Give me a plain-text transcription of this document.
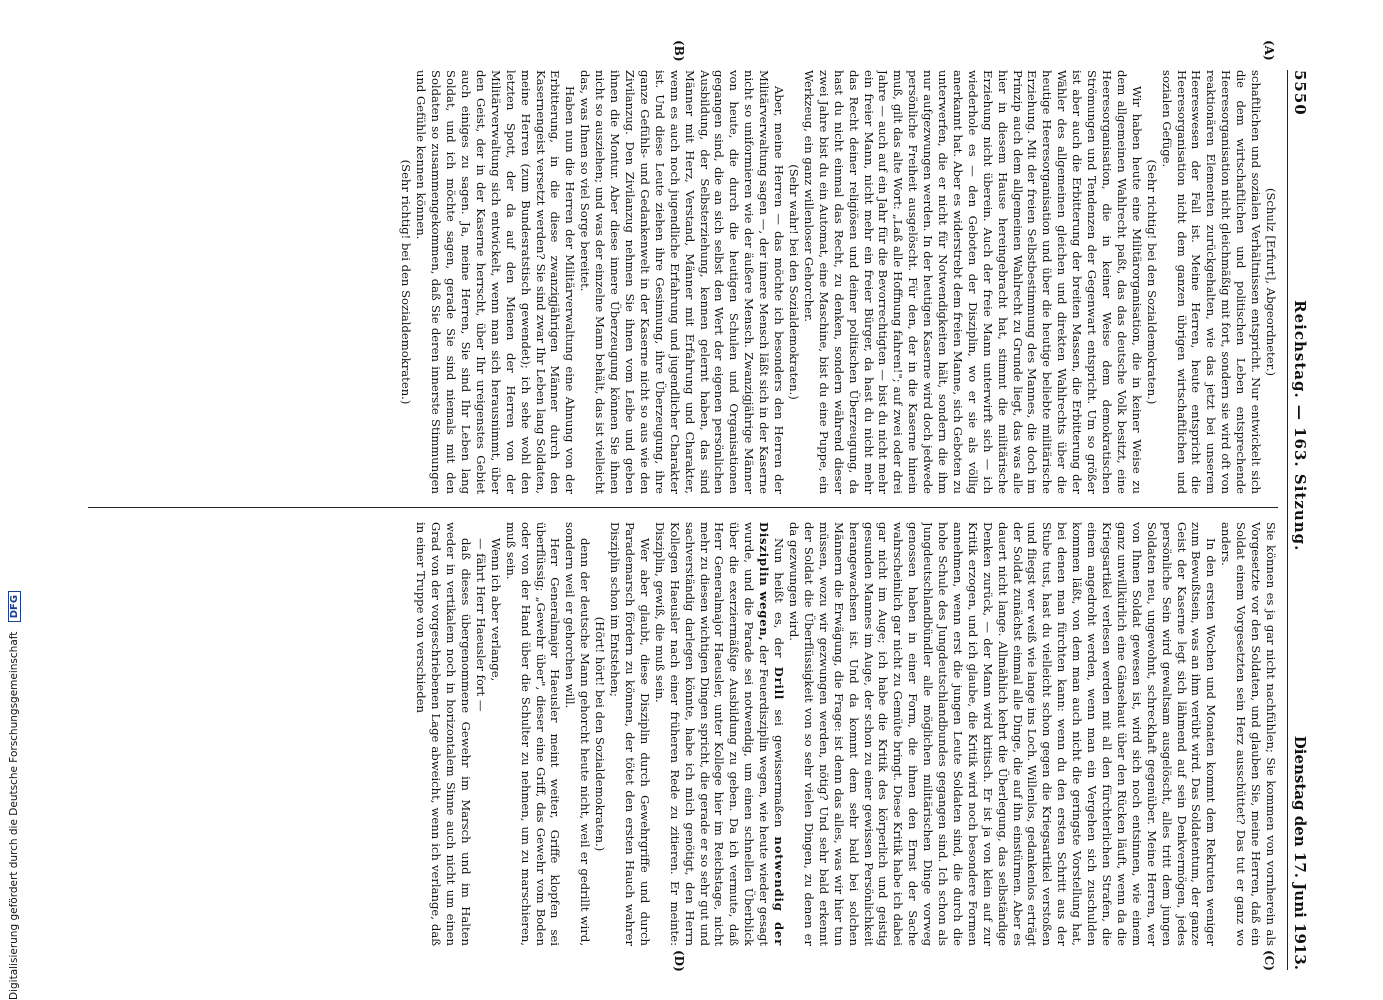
5550
Reichstag. — 163. Sitzung.
Dienstag den 17. Juni 1913.

(Schulz [Erfurt], Abgeordneter.)

schaftlichen und sozialen Verhältnissen entspricht. Nur entwickelt sich die dem wirtschaftlichen und politischen Leben entsprechende Heeresorganisation nicht gleichmäßig mit fort, sondern sie wird oft von reaktionären Elementen zurückgehalten, wie das jetzt bei unserem Heereswesen der Fall ist. Meine Herren, heute entspricht die Heeresorganisation nicht dem ganzen übrigen wirtschaftlichen und sozialen Gefüge.

(Sehr richtig! bei den Sozialdemokraten.)

Wir haben heute eine Militärorganisation, die in keiner Weise zu dem allgemeinen Wahlrecht paßt, das das deutsche Volk besitzt, eine Heeresorganisation, die in keiner Weise dem demokratischen Strömungen und Tendenzen der Gegenwart entspricht. Um so größer ist aber auch die Erbitterung der breiten Massen, die Erbitterung der Wähler des allgemeinen gleichen und direkten Wahlrechts über die heutige Heeresorganisation und über die heutige beliebte militärische Erziehung. Mit der freien Selbstbestimmung des Mannes, die doch im Prinzip auch dem allgemeinen Wahlrecht zu Grunde liegt, das was alle hier in diesem Hause hereingebracht hat, stimmt die militärische Erziehung nicht überein. Auch der freie Mann unterwirft sich — ich wiederhole es — den Geboten der Disziplin, wo er sie als völlig anerkannt hat. Aber es widerstrebt dem freien Manne, sich Geboten zu unterwerfen, die er nicht für Notwendigkeiten hält, sondern die ihm nur aufgezwungen werden. In der heutigen Kaserne wird doch jedwede persönliche Freiheit ausgelöscht. Für den, der in die Kaserne hinein muß, gilt das alte Wort: „Laß alle Hoffnung fahren!"; auf zwei oder drei Jahre — auch auf ein Jahr für die Bevorrechtigten — bist du nicht mehr ein freier Mann, nicht mehr ein freier Bürger, da hast du nicht mehr das Recht deiner religiösen und deiner politischen Überzeugung, da hast du nicht einmal das Recht, zu denken, sondern während dieser zwei Jahre bist du ein Automat, eine Maschine, bist du eine Puppe, ein Werkzeug, ein ganz willenloser Gehorcher.

(Sehr wahr! bei den Sozialdemokraten.)

Aber, meine Herren — das möchte ich besonders den Herren der Militärverwaltung sagen —, der innere Mensch läßt sich in der Kaserne nicht so uniformieren wie der äußere Mensch. Zwanzigjährige Männer von heute, die durch die heutigen Schulen und Organisationen gegangen sind, die an sich selbst den Wert der eigenen persönlichen Ausbildung, der Selbsterziehung, kennen gelernt haben, das sind Männer mit Herz, Verstand, Männer mit Erfahrung und Charakter, wenn es auch noch jugendliche Erfahrung und jugendlicher Charakter ist. Und diese Leute ziehen ihre Gesinnung, ihre Überzeugung, ihre ganze Gefühls- und Gedankenwelt in der Kaserne nicht so aus wie den Zivilanzug. Den Zivilanzug nehmen Sie ihnen vom Leibe und geben ihnen die Montur. Aber diese innere Überzeugung können Sie ihnen nicht so ausziehen; und was der einzelne Mann behält, das ist vielleicht das, was Ihnen so viel Sorge bereitet.

Haben nun die Herren der Militärverwaltung eine Ahnung von der Erbitterung, in die diese zwanzigjährigen Männer durch den Kasernengeist versetzt werden? Sie sind zwar Ihr Leben lang Soldaten, meine Herren (zum Bundesratstisch gewendet); ich sehe wohl den letzten Spott, der da auf den Mienen der Herren von der Militärverwaltung sich entwickelt, wenn man sich herausnimmt, über den Geist, der in der Kaserne herrscht, über Ihr ureigenstes Gebiet auch einiges zu sagen. Ja, meine Herren, Sie sind Ihr Leben lang Soldat, und ich möchte sagen, gerade Sie sind niemals mit den Soldaten so zusammengekommen, daß Sie deren innerste Stimmungen und Gefühle kennen können.

(Sehr richtig! bei den Sozialdemokraten.)

Sie können es ja gar nicht nachfühlen; Sie kommen von vornherein als Vorgesetzte vor den Soldaten, und glauben Sie, meine Herren, daß ein Soldat einem Vorgesetzten sein Herz ausschüttet? Das tut er ganz wo anders.

In den ersten Wochen und Monaten kommt dem Rekruten weniger zum Bewußtsein, was an ihm verübt wird. Das Soldatentum, der ganze Geist der Kaserne legt sich lähmend auf sein Denkvermögen, jedes persönliche Sein wird gewaltsam ausgelöscht, alles tritt dem jungen Soldaten neu, ungewohnt, schreckhaft gegenüber. Meine Herren, wer von Ihnen Soldat gewesen ist, wird sich noch entsinnen, wie einem ganz unwillkürlich eine Gänsehaut über den Rücken läuft, wenn da die Kriegsartikel verlesen werden mit all den fürchterlichen Strafen, die einem angedroht werden, wenn man ein Vergehen sich zuschulden kommen läßt, von dem man auch nicht die geringste Vorstellung hat, bei denen man fürchten kann: wenn du den ersten Schritt aus der Stube tust, hast du vielleicht schon gegen die Kriegsartikel verstoßen und fliegst wer weiß wie lange ins Loch. Willenlos, gedankenlos erträgt der Soldat zunächst einmal alle Dinge, die auf ihn einstürmen. Aber es dauert nicht lange. Allmählich kehrt die Überlegung, das selbständige Denken zurück, — der Mann wird kritisch. Er ist ja von klein auf zur Kritik erzogen, und ich glaube, die Kritik wird noch besondere Formen annehmen, wenn erst die jungen Leute Soldaten sind, die durch die hohe Schule des Jungdeutschlandbundes gegangen sind. Ich schon als Jungdeutschlandbündler alle möglichen militärischen Dinge vorweg genossen haben in einer Form, die ihnen den Ernst der Sache wahrscheinlich gar nicht zu Gemüte bringt. Diese Kritik habe ich dabei gar nicht im Auge; ich habe die Kritik des körperlich und geistig gesunden Mannes im Auge, der schon zu einer gewissen Persönlichkeit herangewachsen ist. Und da kommt dem sehr bald bei solchen Männern die Erwägung, die Frage: ist denn das alles, was wir hier tun müssen, wozu wir gezwungen werden, nötig? Und sehr bald erkennt der Soldat die Überflüssigkeit von so sehr vielen Dingen, zu denen er da gezwungen wird.

Nun heißt es, der Drill sei gewissermaßen notwendig der Disziplin wegen, der Feuerdisziplin wegen, wie heute wieder gesagt wurde, und die Parade sei notwendig, um einen schnellen Überblick über die exerziermäßige Ausbildung zu geben. Da ich vermute, daß Herr Generalmajor Haeusler, unter Kollege hier im Reichstage, nicht mehr zu diesen wichtigen Dingen spricht, die gerade er so sehr gut und sachverständig darlegen könnte, habe ich mich genötigt, den Herrn Kollegen Haeusler nach einer früheren Rede zu zitieren. Er meinte: Disziplin, gewiß, die muß sein.

Wer aber glaubt, diese Disziplin durch Gewehrgriffe und durch Parademarsch fördern zu können, der tötet den ersten Hauch wahrer Disziplin schon im Entstehen;

(Hört! hört! bei den Sozialdemokraten.)

denn der deutsche Mann gehorcht heute nicht, weil er gedrillt wird, sondern weil er gehorchen will.

Herr Generalmajor Haeusler meint weiter, Griffe klopfen sei überflüssig; „Gewehr über", dieser eine Griff, das Gewehr vom Boden oder von der Hand über die Schulter zu nehmen, um zu marschieren, muß sein.

Wenn ich aber verlange,

— fährt Herr Haeusler fort —

daß dieses übergenommene Gewehr im Marsch und im Halten weder in vertikalem noch in horizontalem Sinne auch nicht um einen Grad von der vorgeschriebenen Lage abweicht, wenn ich verlange, daß in einer Truppe von verschieden

(A)
(B)
(C)
(D)
Digitalisierung gefördert durch die Deutsche Forschungsgemeinschaft DFG
